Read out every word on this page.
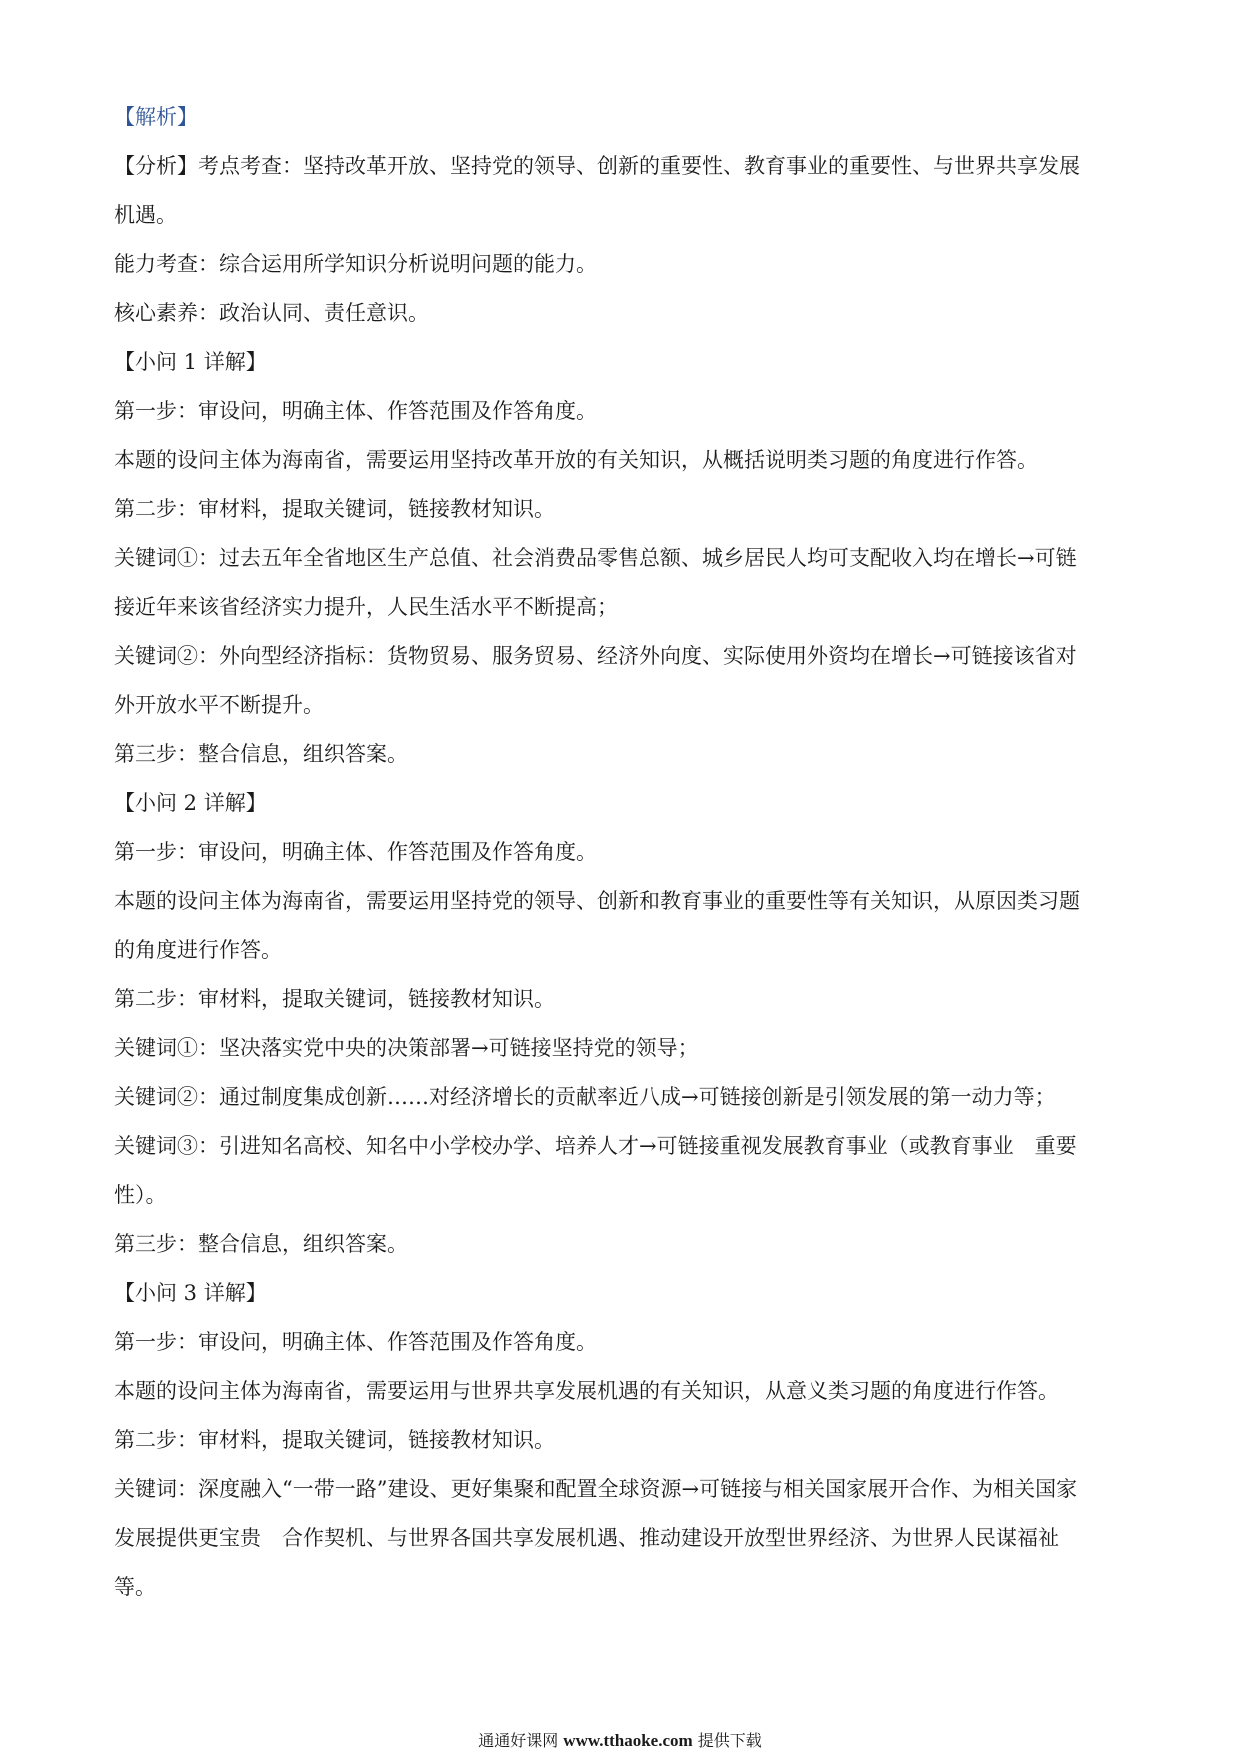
【解析】
【分析】考点考查：坚持改革开放、坚持党的领导、创新的重要性、教育事业的重要性、与世界共享发展
机遇。
能力考查：综合运用所学知识分析说明问题的能力。
核心素养：政治认同、责任意识。
【小问 1 详解】
第一步：审设问，明确主体、作答范围及作答角度。
本题的设问主体为海南省，需要运用坚持改革开放的有关知识，从概括说明类习题的角度进行作答。
第二步：审材料，提取关键词，链接教材知识。
关键词①：过去五年全省地区生产总值、社会消费品零售总额、城乡居民人均可支配收入均在增长→可链
接近年来该省经济实力提升，人民生活水平不断提高；
关键词②：外向型经济指标：货物贸易、服务贸易、经济外向度、实际使用外资均在增长→可链接该省对
外开放水平不断提升。
第三步：整合信息，组织答案。
【小问 2 详解】
第一步：审设问，明确主体、作答范围及作答角度。
本题的设问主体为海南省，需要运用坚持党的领导、创新和教育事业的重要性等有关知识，从原因类习题
的角度进行作答。
第二步：审材料，提取关键词，链接教材知识。
关键词①：坚决落实党中央的决策部署→可链接坚持党的领导；
关键词②：通过制度集成创新……对经济增长的贡献率近八成→可链接创新是引领发展的第一动力等；
关键词③：引进知名高校、知名中小学校办学、培养人才→可链接重视发展教育事业（或教育事业　重要
性）。
第三步：整合信息，组织答案。
【小问 3 详解】
第一步：审设问，明确主体、作答范围及作答角度。
本题的设问主体为海南省，需要运用与世界共享发展机遇的有关知识，从意义类习题的角度进行作答。
第二步：审材料，提取关键词，链接教材知识。
关键词：深度融入“一带一路”建设、更好集聚和配置全球资源→可链接与相关国家展开合作、为相关国家
发展提供更宝贵　合作契机、与世界各国共享发展机遇、推动建设开放型世界经济、为世界人民谋福祉
等。
通通好课网 www.tthaoke.com 提供下载
